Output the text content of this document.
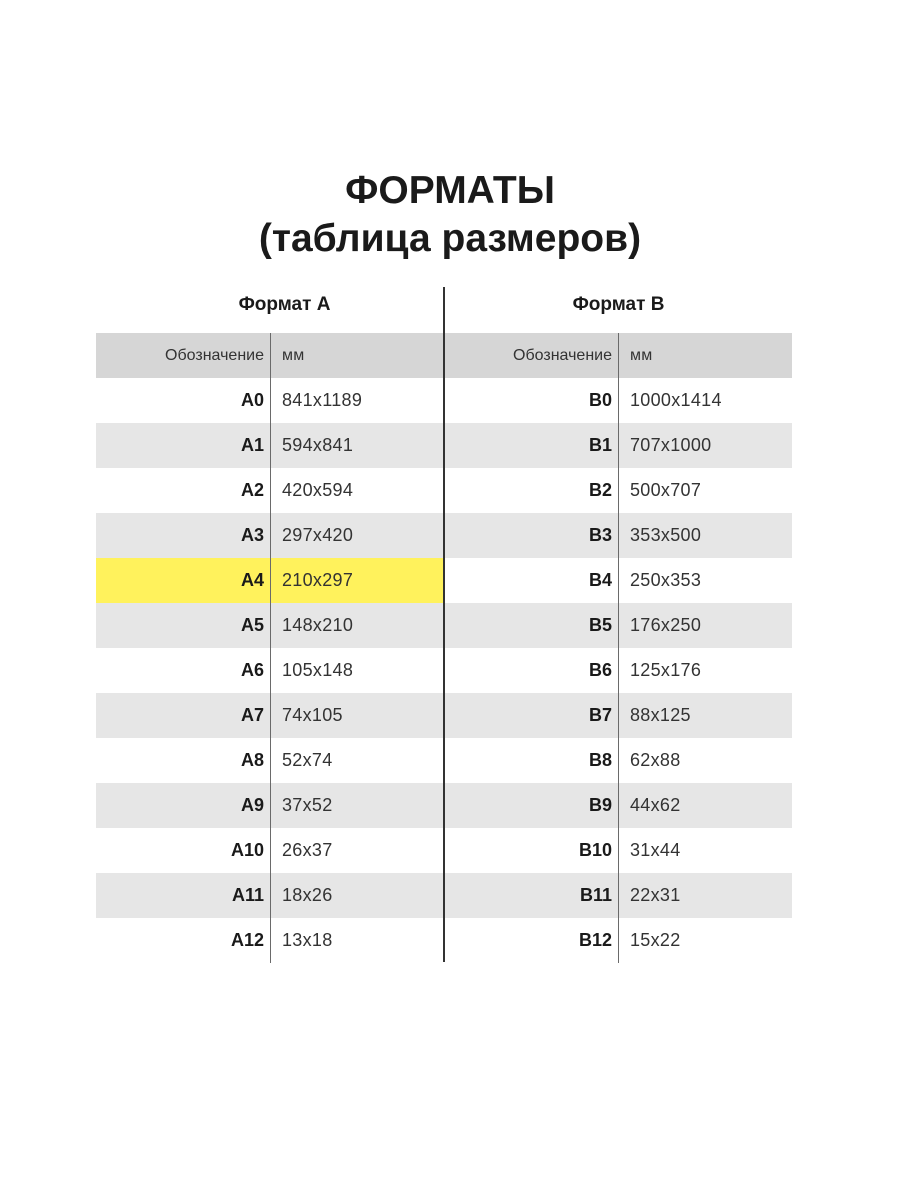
ФОРМАТЫ
(таблица размеров)
Формат А
Обозначение	мм
А0	841х1189
А1	594х841
А2	420х594
А3	297х420
А4	210х297
А5	148х210
А6	105х148
А7	74х105
А8	52х74
А9	37х52
А10	26х37
А11	18х26
А12	13х18
Формат В
Обозначение	мм
В0	1000х1414
В1	707х1000
В2	500х707
В3	353х500
В4	250х353
В5	176х250
В6	125х176
В7	88х125
В8	62х88
В9	44х62
В10	31х44
В11	22х31
В12	15х22
